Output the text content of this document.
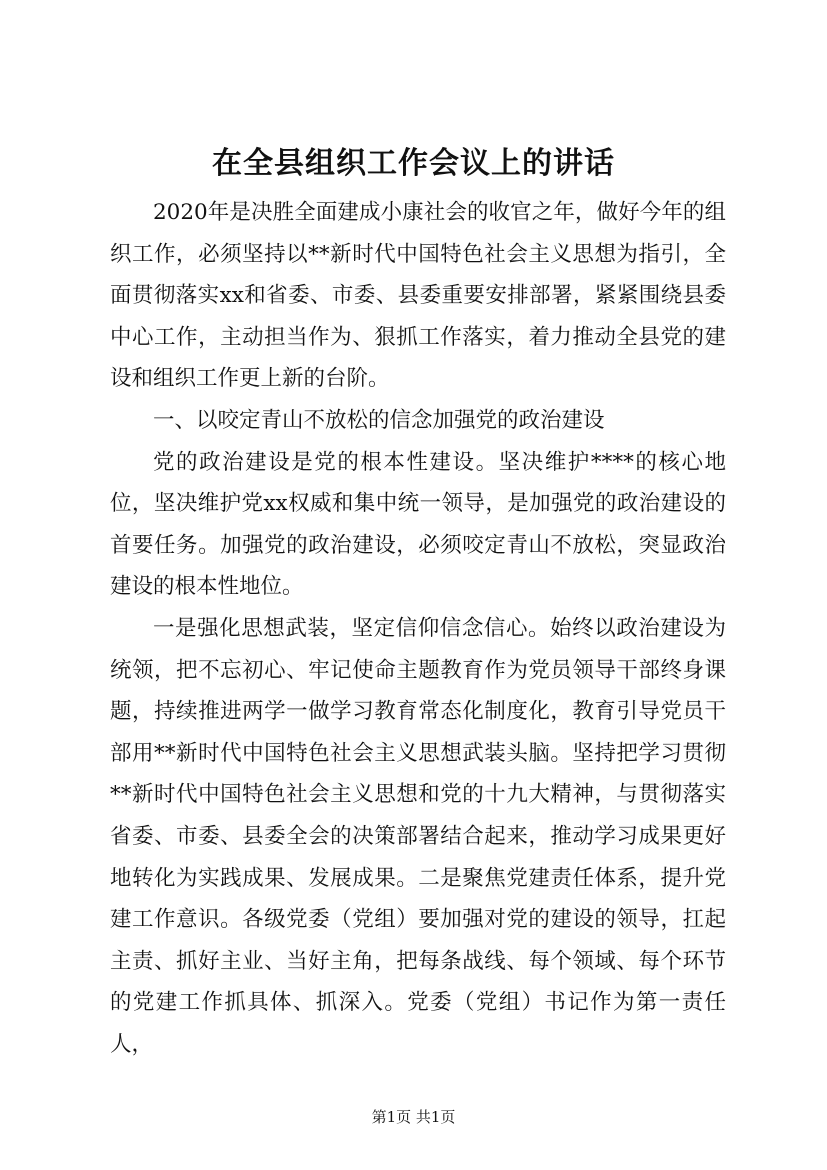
在全县组织工作会议上的讲话

2020年是决胜全面建成小康社会的收官之年，做好今年的组织工作，必须坚持以**新时代中国特色社会主义思想为指引，全面贯彻落实xx和省委、市委、县委重要安排部署，紧紧围绕县委中心工作，主动担当作为、狠抓工作落实，着力推动全县党的建设和组织工作更上新的台阶。

一、以咬定青山不放松的信念加强党的政治建设

党的政治建设是党的根本性建设。坚决维护****的核心地位，坚决维护党xx权威和集中统一领导，是加强党的政治建设的首要任务。加强党的政治建设，必须咬定青山不放松，突显政治建设的根本性地位。

一是强化思想武装，坚定信仰信念信心。始终以政治建设为统领，把不忘初心、牢记使命主题教育作为党员领导干部终身课题，持续推进两学一做学习教育常态化制度化，教育引导党员干部用**新时代中国特色社会主义思想武装头脑。坚持把学习贯彻**新时代中国特色社会主义思想和党的十九大精神，与贯彻落实省委、市委、县委全会的决策部署结合起来，推动学习成果更好地转化为实践成果、发展成果。二是聚焦党建责任体系，提升党建工作意识。各级党委（党组）要加强对党的建设的领导，扛起主责、抓好主业、当好主角，把每条战线、每个领域、每个环节的党建工作抓具体、抓深入。党委（党组）书记作为第一责任人，

第1页 共1页
